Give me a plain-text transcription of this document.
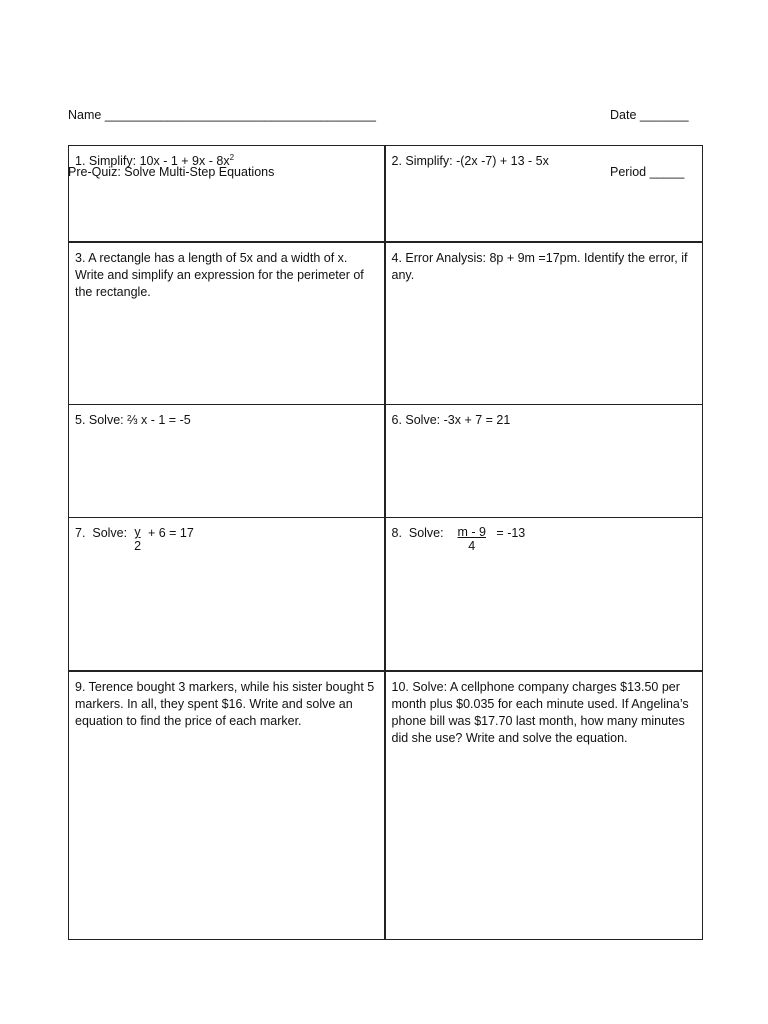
Name _______________________________________

Pre-Quiz: Solve Multi-Step Equations

Date _______

Period _____

1. Simplify: $10x - 1 + 9x - 8x^2$	2. Simplify: -(2x -7) + 13 - 5x
3. A rectangle has a length of 5x and a width of x. Write and simplify an expression for the perimeter of the rectangle.	4. Error Analysis: 8p + 9m =17pm. Identify the error, if any.
5. Solve: ⅔ x - 1 = -5	6. Solve: -3x + 7 = 21
7.  Solve: $\frac{y}{2} + 6 = 17$	8.  Solve: $\frac{m - 9}{4} = -13$
9. Terence bought 3 markers, while his sister bought 5 markers. In all, they spent $16. Write and solve an equation to find the price of each marker.	10. Solve: A cellphone company charges $13.50 per month plus $0.035 for each minute used. If Angelina’s phone bill was $17.70 last month, how many minutes did she use? Write and solve the equation.
